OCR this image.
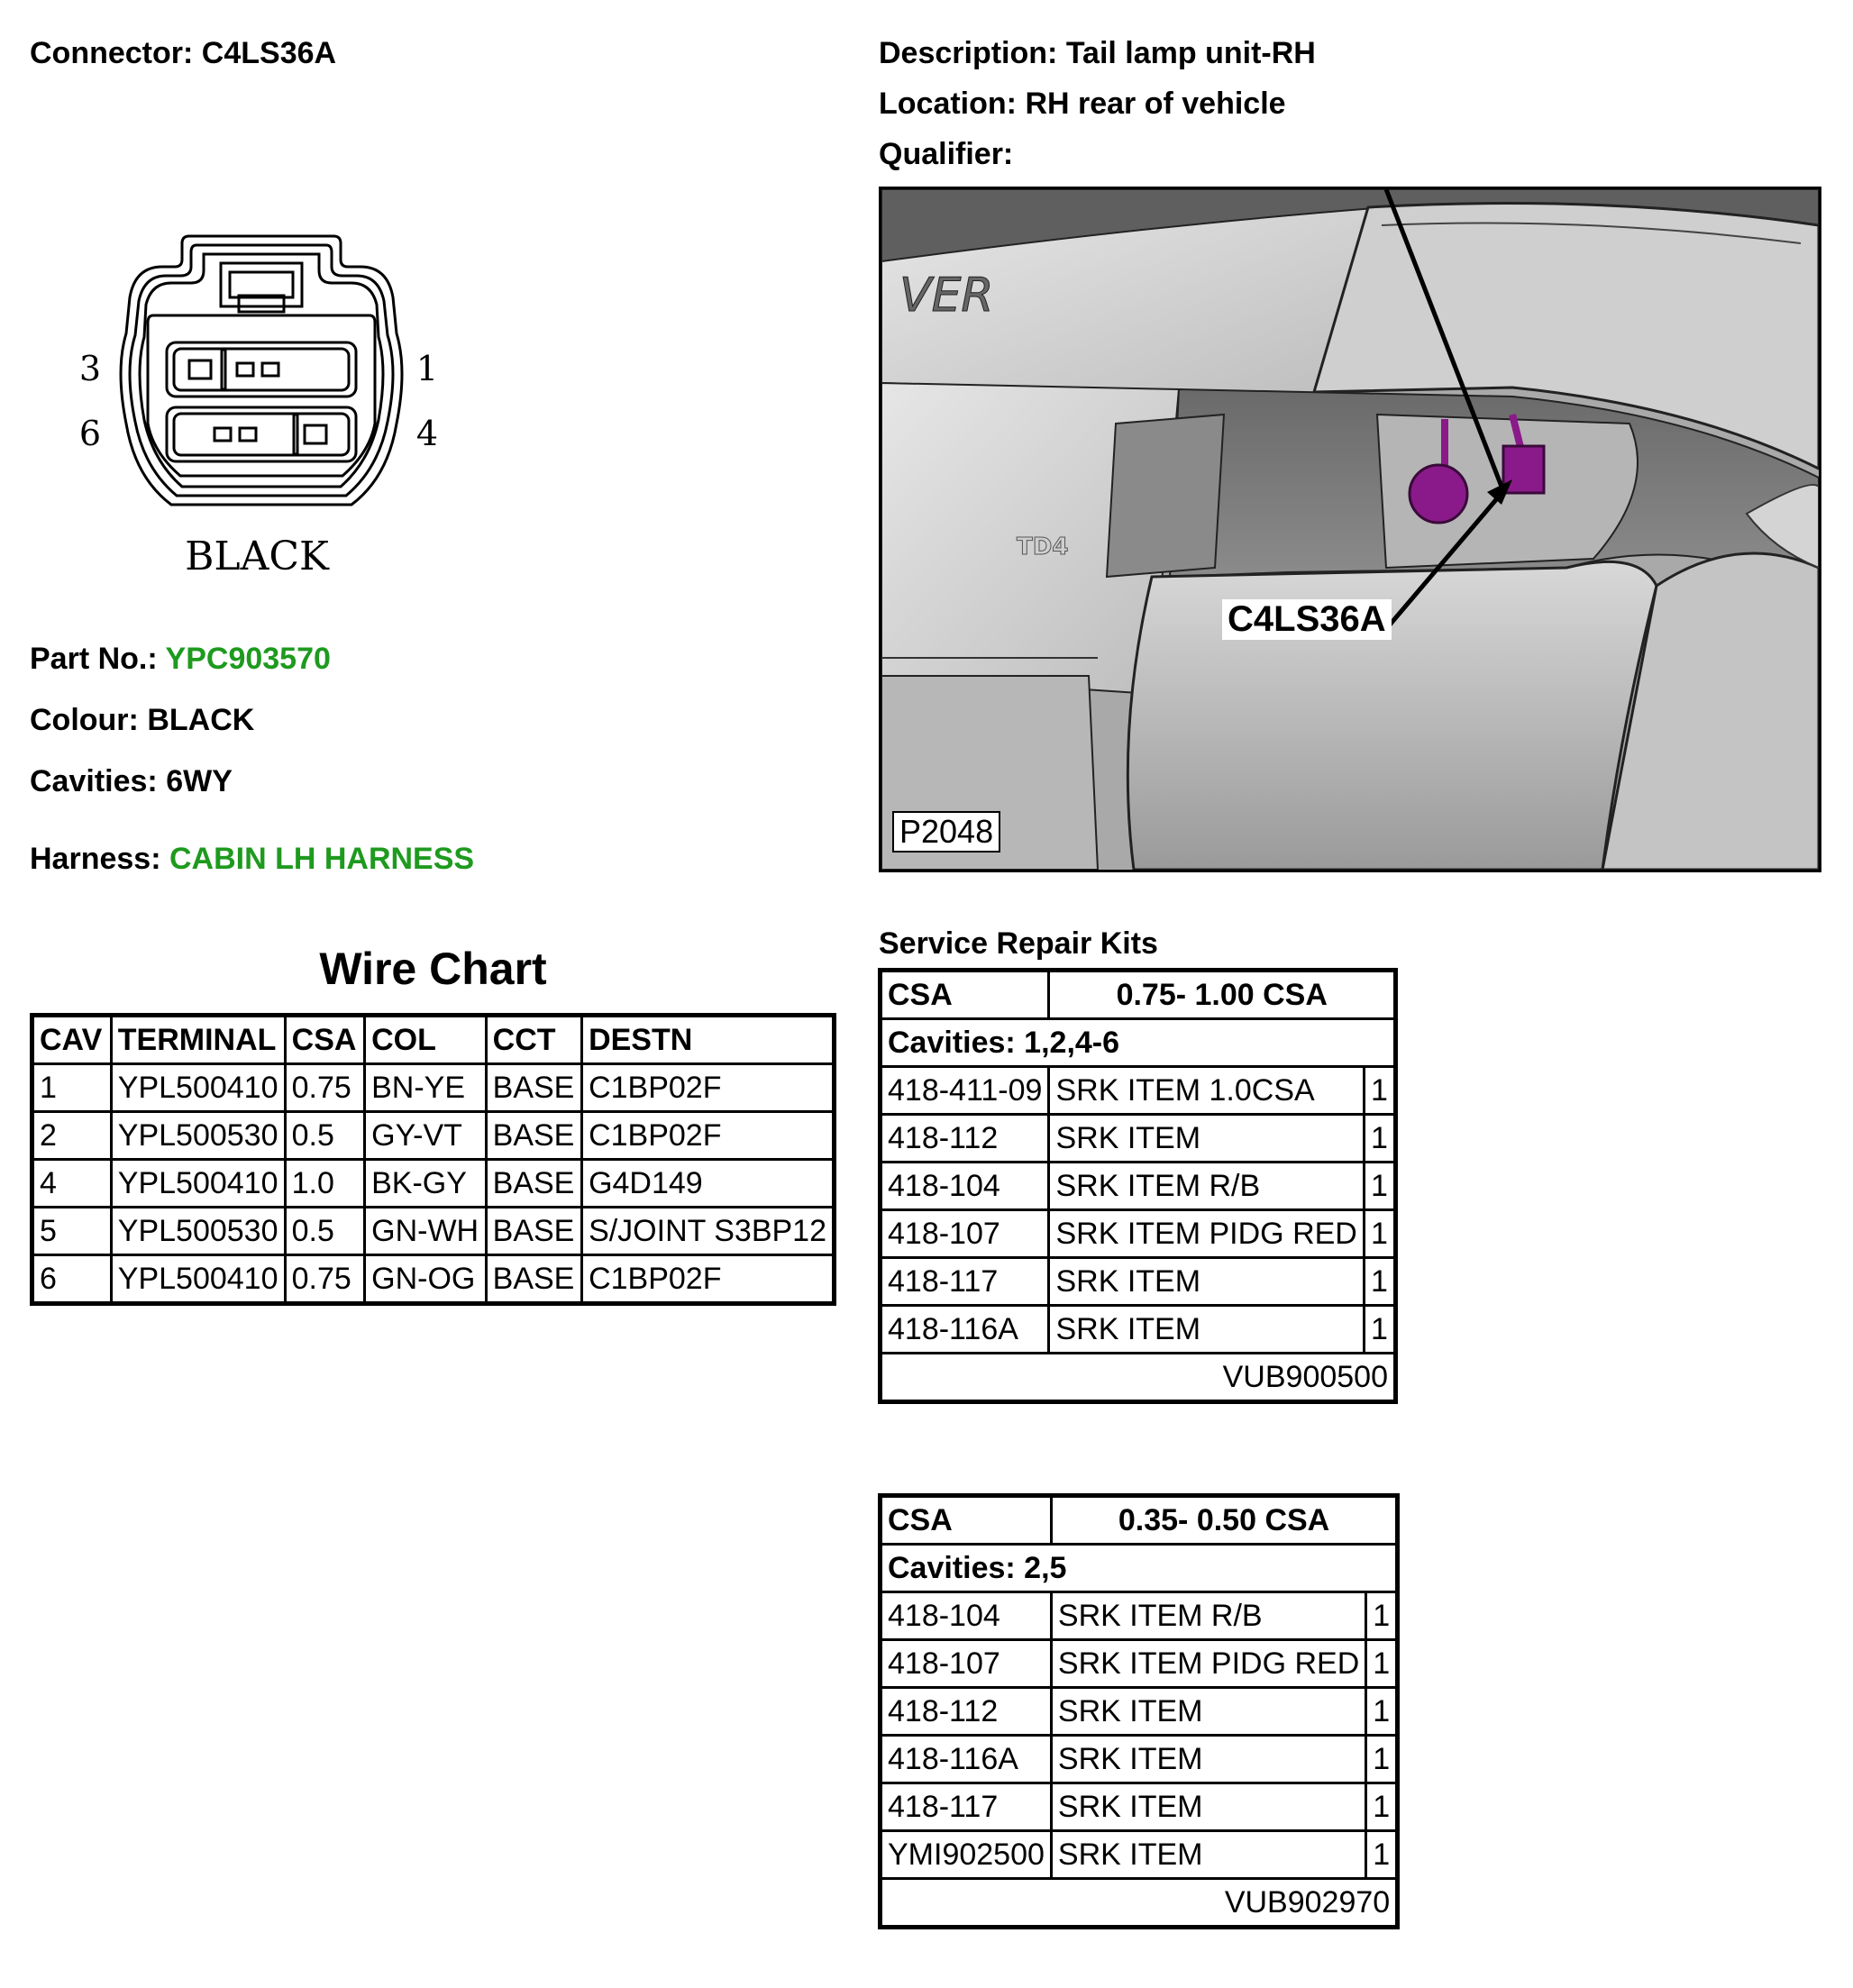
Connector: C4LS36A	Description: Tail lamp unit-RH
Location: RH rear of vehicle
Qualifier:
3
6
1
4
BLACK
Part No.: YPC903570
Colour: BLACK
Cavities: 6WY
Harness: CABIN LH HARNESS
VER
TD4
C4LS36A
P2048
Wire Chart
CAV	TERMINAL	CSA	COL	CCT	DESTN
1	YPL500410	0.75	BN-YE	BASE	C1BP02F
2	YPL500530	0.5	GY-VT	BASE	C1BP02F
4	YPL500410	1.0	BK-GY	BASE	G4D149
5	YPL500530	0.5	GN-WH	BASE	S/JOINT S3BP12
6	YPL500410	0.75	GN-OG	BASE	C1BP02F
Service Repair Kits
CSA	0.75- 1.00 CSA	
Cavities: 1,2,4-6		
418-411-09	SRK ITEM 1.0CSA	1
418-112	SRK ITEM	1
418-104	SRK ITEM R/B	1
418-107	SRK ITEM PIDG RED	1
418-117	SRK ITEM	1
418-116A	SRK ITEM	1
VUB900500		
CSA	0.35- 0.50 CSA	
Cavities: 2,5		
418-104	SRK ITEM R/B	1
418-107	SRK ITEM PIDG RED	1
418-112	SRK ITEM	1
418-116A	SRK ITEM	1
418-117	SRK ITEM	1
YMI902500	SRK ITEM	1
VUB902970		
